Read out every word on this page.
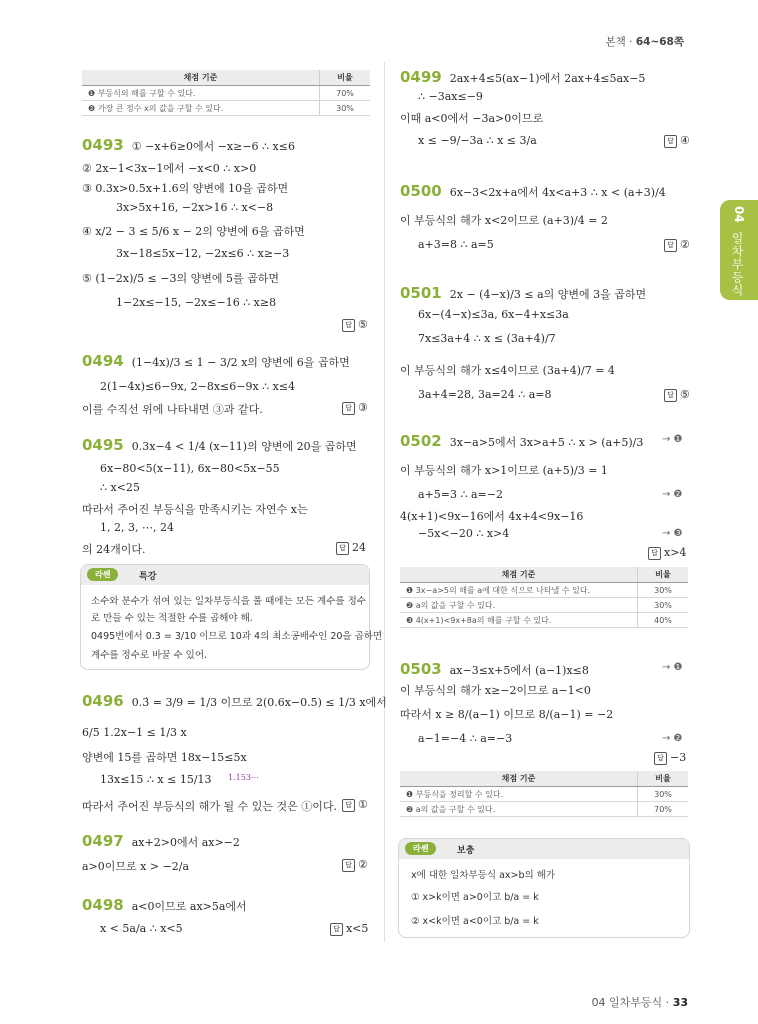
본책 · 64~68쪽
04
일차부등식
04 일차부등식 · 33
채점 기준	비율
❶ 부등식의 해를 구할 수 있다.	70%
❷ 가장 큰 정수 x의 값을 구할 수 있다.	30%
0493 ① −x+6≥0에서 −x≥−6 ∴ x≤6
② 2x−1<3x−1에서 −x<0 ∴ x>0
③ 0.3x>0.5x+1.6의 양변에 10을 곱하면
3x>5x+16, −2x>16 ∴ x<−8
④ x/2 − 3 ≤ 5/6 x − 2의 양변에 6을 곱하면
3x−18≤5x−12, −2x≤6 ∴ x≥−3
⑤ (1−2x)/5 ≤ −3의 양변에 5를 곱하면
1−2x≤−15, −2x≤−16 ∴ x≥8
답 ⑤
0494 (1−4x)/3 ≤ 1 − 3/2 x의 양변에 6을 곱하면
2(1−4x)≤6−9x, 2−8x≤6−9x ∴ x≤4
이를 수직선 위에 나타내면 ③과 같다.	답 ③
0495 0.3x−4 < 1/4 (x−11)의 양변에 20을 곱하면
6x−80<5(x−11), 6x−80<5x−55
∴ x<25
따라서 주어진 부등식을 만족시키는 자연수 x는
1, 2, 3, ⋯, 24
의 24개이다.	답 24
라쎈	특강
소수와 분수가 섞여 있는 일차부등식을 풀 때에는 모든 계수를 정수
로 만들 수 있는 적절한 수를 곱해야 해.
0495번에서 0.3 = 3/10 이므로 10과 4의 최소공배수인 20을 곱하면
계수를 정수로 바꿀 수 있어.
0496 0.3̇ = 3/9 = 1/3 이므로 2(0.6x−0.5) ≤ 1/3 x에서
6/5 1.2x−1 ≤ 1/3 x
양변에 15를 곱하면 18x−15≤5x
13x≤15 ∴ x ≤ 15/13 1.153⋯
따라서 주어진 부등식의 해가 될 수 있는 것은 ①이다.	답 ①
0497 ax+2>0에서 ax>−2
a>0이므로 x > −2/a	답 ②
0498 a<0이므로 ax>5a에서
x < 5a/a ∴ x<5	답 x<5
0499 2ax+4≤5(ax−1)에서 2ax+4≤5ax−5
∴ −3ax≤−9
이때 a<0에서 −3a>0이므로
x ≤ −9/−3a ∴ x ≤ 3/a	답 ④
0500 6x−3<2x+a에서 4x<a+3 ∴ x < (a+3)/4
이 부등식의 해가 x<2이므로 (a+3)/4 = 2
a+3=8 ∴ a=5	답 ②
0501 2x − (4−x)/3 ≤ a의 양변에 3을 곱하면
6x−(4−x)≤3a, 6x−4+x≤3a
7x≤3a+4 ∴ x ≤ (3a+4)/7
이 부등식의 해가 x≤4이므로 (3a+4)/7 = 4
3a+4=28, 3a=24 ∴ a=8	답 ⑤
0502 3x−a>5에서 3x>a+5 ∴ x > (a+5)/3 → ❶
이 부등식의 해가 x>1이므로 (a+5)/3 = 1
a+5=3 ∴ a=−2	→ ❷
4(x+1)<9x−16에서 4x+4<9x−16
−5x<−20 ∴ x>4	→ ❸
답 x>4
채점 기준	비율
❶ 3x−a>5의 해를 a에 대한 식으로 나타낼 수 있다.	30%
❷ a의 값을 구할 수 있다.	30%
❸ 4(x+1)<9x+8a의 해를 구할 수 있다.	40%
0503 ax−3≤x+5에서 (a−1)x≤8	→ ❶
이 부등식의 해가 x≥−2이므로 a−1<0
따라서 x ≥ 8/(a−1) 이므로 8/(a−1) = −2
a−1=−4 ∴ a=−3	→ ❷
답 −3
채점 기준	비율
❶ 부등식을 정리할 수 있다.	30%
❷ a의 값을 구할 수 있다.	70%
라쎈	보충
x에 대한 일차부등식 ax>b의 해가
① x>k이면 a>0이고 b/a = k
② x<k이면 a<0이고 b/a = k
